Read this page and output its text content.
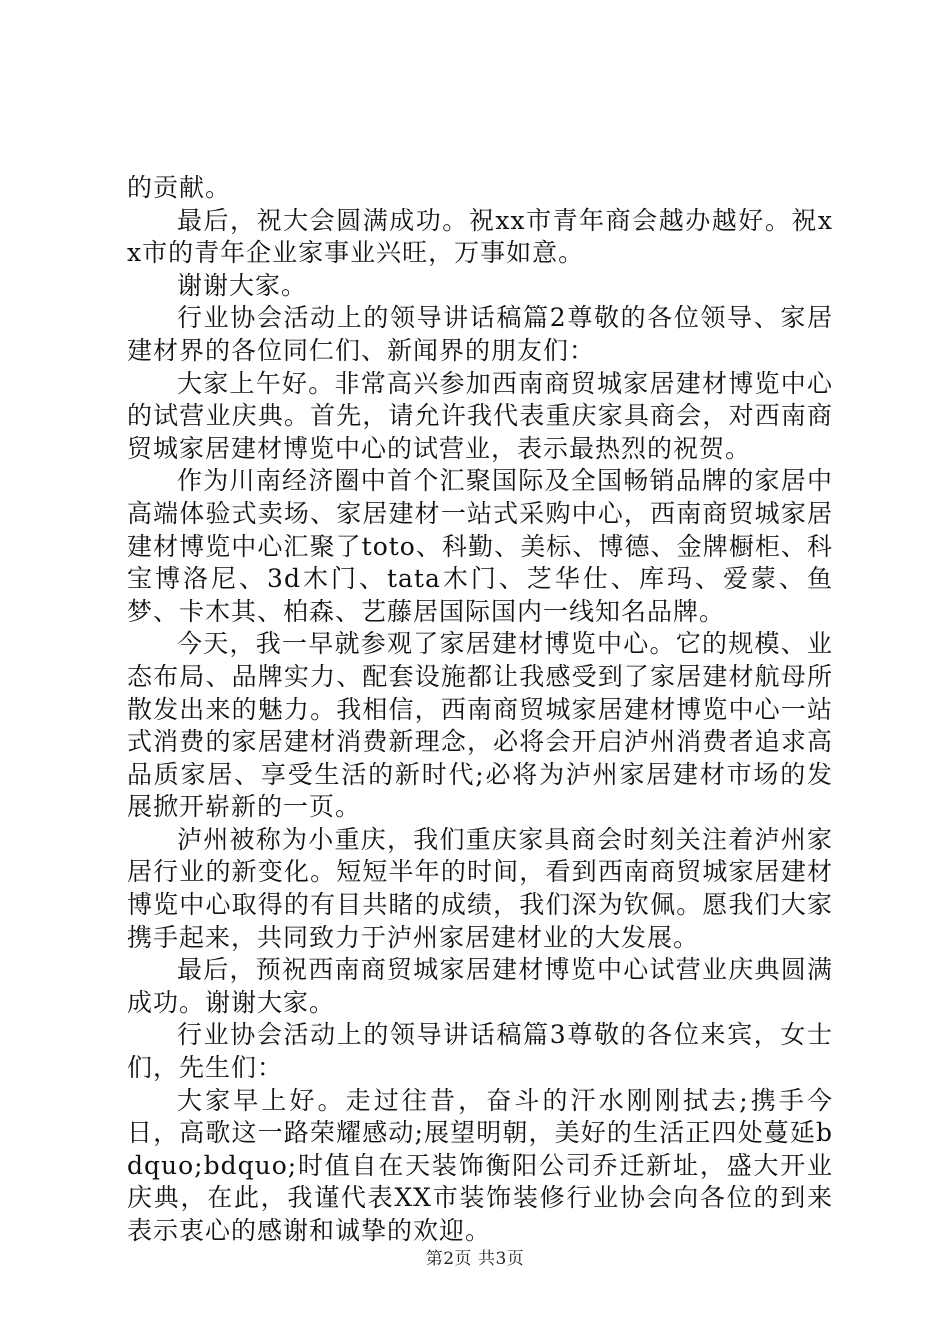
的贡献。

最后，祝大会圆满成功。祝xx市青年商会越办越好。祝xx市的青年企业家事业兴旺，万事如意。

谢谢大家。

行业协会活动上的领导讲话稿篇2尊敬的各位领导、家居建材界的各位同仁们、新闻界的朋友们：

大家上午好。非常高兴参加西南商贸城家居建材博览中心的试营业庆典。首先，请允许我代表重庆家具商会，对西南商贸城家居建材博览中心的试营业，表示最热烈的祝贺。

作为川南经济圈中首个汇聚国际及全国畅销品牌的家居中高端体验式卖场、家居建材一站式采购中心，西南商贸城家居建材博览中心汇聚了toto、科勤、美标、博德、金牌橱柜、科宝博洛尼、3d木门、tata木门、芝华仕、库玛、爱蒙、鱼梦、卡木其、柏森、艺藤居国际国内一线知名品牌。

今天，我一早就参观了家居建材博览中心。它的规模、业态布局、品牌实力、配套设施都让我感受到了家居建材航母所散发出来的魅力。我相信，西南商贸城家居建材博览中心一站式消费的家居建材消费新理念，必将会开启泸州消费者追求高品质家居、享受生活的新时代;必将为泸州家居建材市场的发展掀开崭新的一页。

泸州被称为小重庆，我们重庆家具商会时刻关注着泸州家居行业的新变化。短短半年的时间，看到西南商贸城家居建材博览中心取得的有目共睹的成绩，我们深为钦佩。愿我们大家携手起来，共同致力于泸州家居建材业的大发展。

最后，预祝西南商贸城家居建材博览中心试营业庆典圆满成功。谢谢大家。

行业协会活动上的领导讲话稿篇3尊敬的各位来宾，女士们，先生们：

大家早上好。走过往昔，奋斗的汗水刚刚拭去;携手今日，高歌这一路荣耀感动;展望明朝，美好的生活正四处蔓延bdquo;bdquo;时值自在天装饰衡阳公司乔迁新址，盛大开业庆典，在此，我谨代表XX市装饰装修行业协会向各位的到来表示衷心的感谢和诚挚的欢迎。

第2页 共3页
